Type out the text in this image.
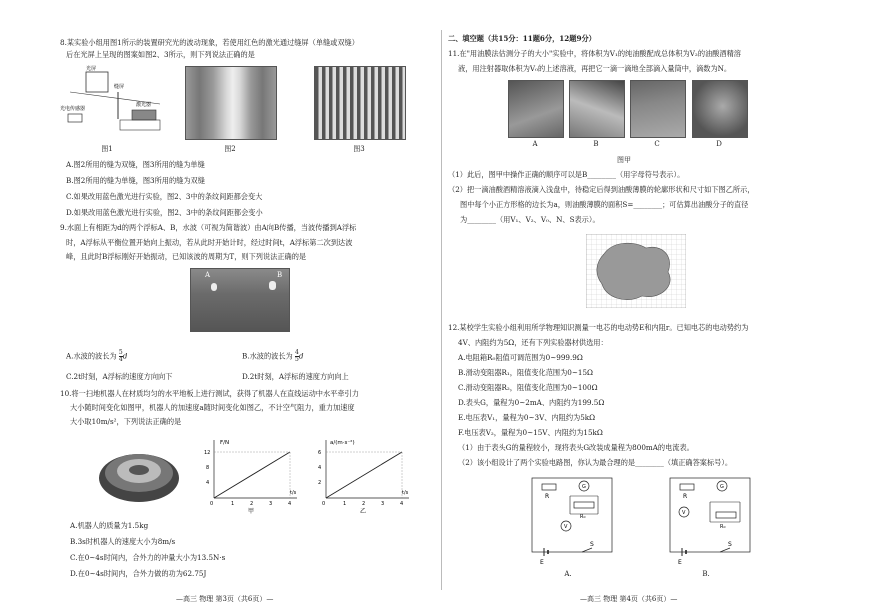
8.某实验小组用图1所示的装置研究光的波动现象，若使用红色的激光通过缝屏（单缝或双缝）
后在光屏上呈现的图案如图2、3所示，则下列说法正确的是
光屏
光电传感器
缝屏
激光器
图1	图2	图3
A.图2所用的缝为双缝，图3所用的缝为单缝
B.图2所用的缝为单缝，图3所用的缝为双缝
C.如果改用蓝色激光进行实验，图2、3中的条纹间距都会变大
D.如果改用蓝色激光进行实验，图2、3中的条纹间距都会变小
9.水面上有相距为d的两个浮标A、B，水波（可视为简谐波）由A向B传播，当波传播到A浮标
时，A浮标从平衡位置开始向上振动，若从此时开始计时，经过时间t，A浮标第二次到达波
峰，且此时B浮标刚好开始振动，已知该波的周期为T，则下列说法正确的是
A	B
A.水波的波长为 $\frac{5}{4}$ d	B.水波的波长为 $\frac{4}{5}$ d
C.2t时刻，A浮标的速度方向向下	D.2t时刻，A浮标的速度方向向上
10.将一扫地机器人在材质均匀的水平地板上进行测试，获得了机器人在直线运动中水平牵引力
大小随时间变化如图甲，机器人的加速度a随时间变化如图乙，不计空气阻力，重力加速度
大小取10m/s²，下列说法正确的是
F/N
t/s
12
8
4
0	1	2	3	4
甲
a/(m·s⁻²)
t/s
6
4
2
0	1	2	3	4
乙
A.机器人的质量为1.5kg
B.3s时机器人的速度大小为8m/s
C.在0~4s时间内，合外力的冲量大小为13.5N·s
D.在0~4s时间内，合外力做的功为62.75J
—高三 物理 第3页（共6页）—
二、填空题（共15分：11题6分，12题9分）
11.在"用油膜法估测分子的大小"实验中，将体积为V₁的纯油酸配成总体积为V₂的油酸酒精溶
液，用注射器取体积为V₀的上述溶液，再把它一滴一滴地全部滴入量筒中，滴数为N。
A	B	C	D
图甲
（1）此后，图甲中操作正确的顺序可以是B________（用字母符号表示）。
（2）把一滴油酸酒精溶液滴入浅盘中，待稳定后得到油酸薄膜的轮廓形状和尺寸如下图乙所示，
图中每个小正方形格的边长为a，则油酸薄膜的面积S=________；可估算出油酸分子的直径
为________（用V₁、V₂、V₀、N、S表示）。
12.某校学生实验小组利用所学物理知识测量一电芯的电动势E和内阻r。已知电芯的电动势约为
4V、内阻约为5Ω，还有下列实验器材供选用：
A.电阻箱R₀阻值可调范围为0~999.9Ω
B.滑动变阻器R₁，阻值变化范围为0~15Ω
C.滑动变阻器R₂，阻值变化范围为0~100Ω
D.表头G，量程为0~2mA、内阻约为199.5Ω
E.电压表V₁，量程为0~3V、内阻约为5kΩ
F.电压表V₂，量程为0~15V、内阻约为15kΩ
（1）由于表头G的量程较小，现将表头G改装成量程为800mA的电流表。
（2）该小组设计了两个实验电路图，你认为最合理的是________（填正确答案标号）。
R
G
R₀
V
E
S
A.
R
G
R₀
V
E
S
B.
—高三 物理 第4页（共6页）—
